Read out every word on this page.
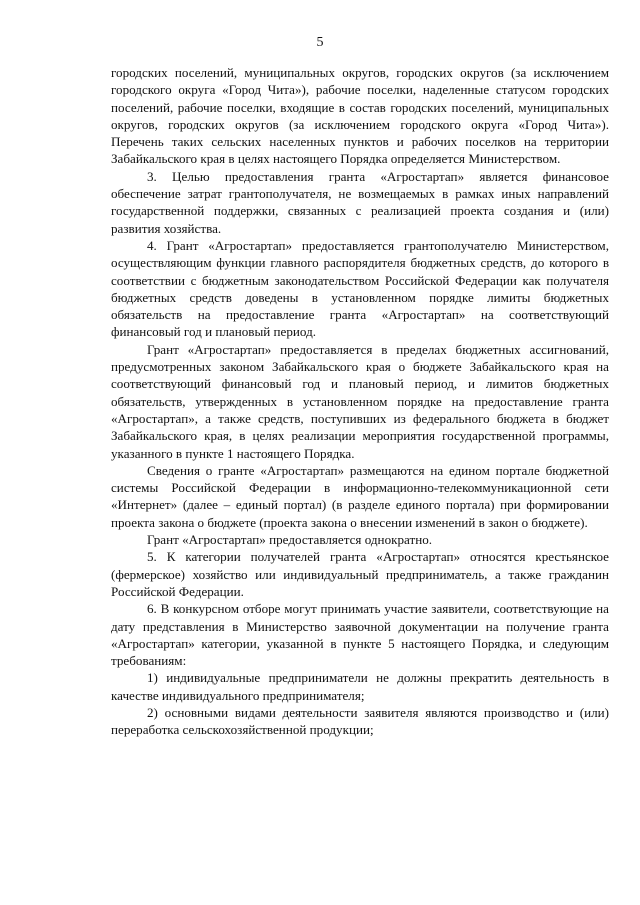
5

городских поселений, муниципальных округов, городских округов (за исключением городского округа «Город Чита»), рабочие поселки, наделенные статусом городских поселений, рабочие поселки, входящие в состав городских поселений, муниципальных округов, городских округов (за исключением городского округа «Город Чита»). Перечень таких сельских населенных пунктов и рабочих поселков на территории Забайкальского края в целях настоящего Порядка определяется Министерством.

3. Целью предоставления гранта «Агростартап» является финансовое обеспечение затрат грантополучателя, не возмещаемых в рамках иных направлений государственной поддержки, связанных с реализацией проекта создания и (или) развития хозяйства.

4. Грант «Агростартап» предоставляется грантополучателю Министерством, осуществляющим функции главного распорядителя бюджетных средств, до которого в соответствии с бюджетным законодательством Российской Федерации как получателя бюджетных средств доведены в установленном порядке лимиты бюджетных обязательств на предоставление гранта «Агростартап» на соответствующий финансовый год и плановый период.

Грант «Агростартап» предоставляется в пределах бюджетных ассигнований, предусмотренных законом Забайкальского края о бюджете Забайкальского края на соответствующий финансовый год и плановый период, и лимитов бюджетных обязательств, утвержденных в установленном порядке на предоставление гранта «Агростартап», а также средств, поступивших из федерального бюджета в бюджет Забайкальского края, в целях реализации мероприятия государственной программы, указанного в пункте 1 настоящего Порядка.

Сведения о гранте «Агростартап» размещаются на едином портале бюджетной системы Российской Федерации в информационно-телекоммуникационной сети «Интернет» (далее – единый портал) (в разделе единого портала) при формировании проекта закона о бюджете (проекта закона о внесении изменений в закон о бюджете).

Грант «Агростартап» предоставляется однократно.

5. К категории получателей гранта «Агростартап» относятся крестьянское (фермерское) хозяйство или индивидуальный предприниматель, а также гражданин Российской Федерации.

6. В конкурсном отборе могут принимать участие заявители, соответствующие на дату представления в Министерство заявочной документации на получение гранта «Агростартап» категории, указанной в пункте 5 настоящего Порядка, и следующим требованиям:

1) индивидуальные предприниматели не должны прекратить деятельность в качестве индивидуального предпринимателя;

2) основными видами деятельности заявителя являются производство и (или) переработка сельскохозяйственной продукции;
